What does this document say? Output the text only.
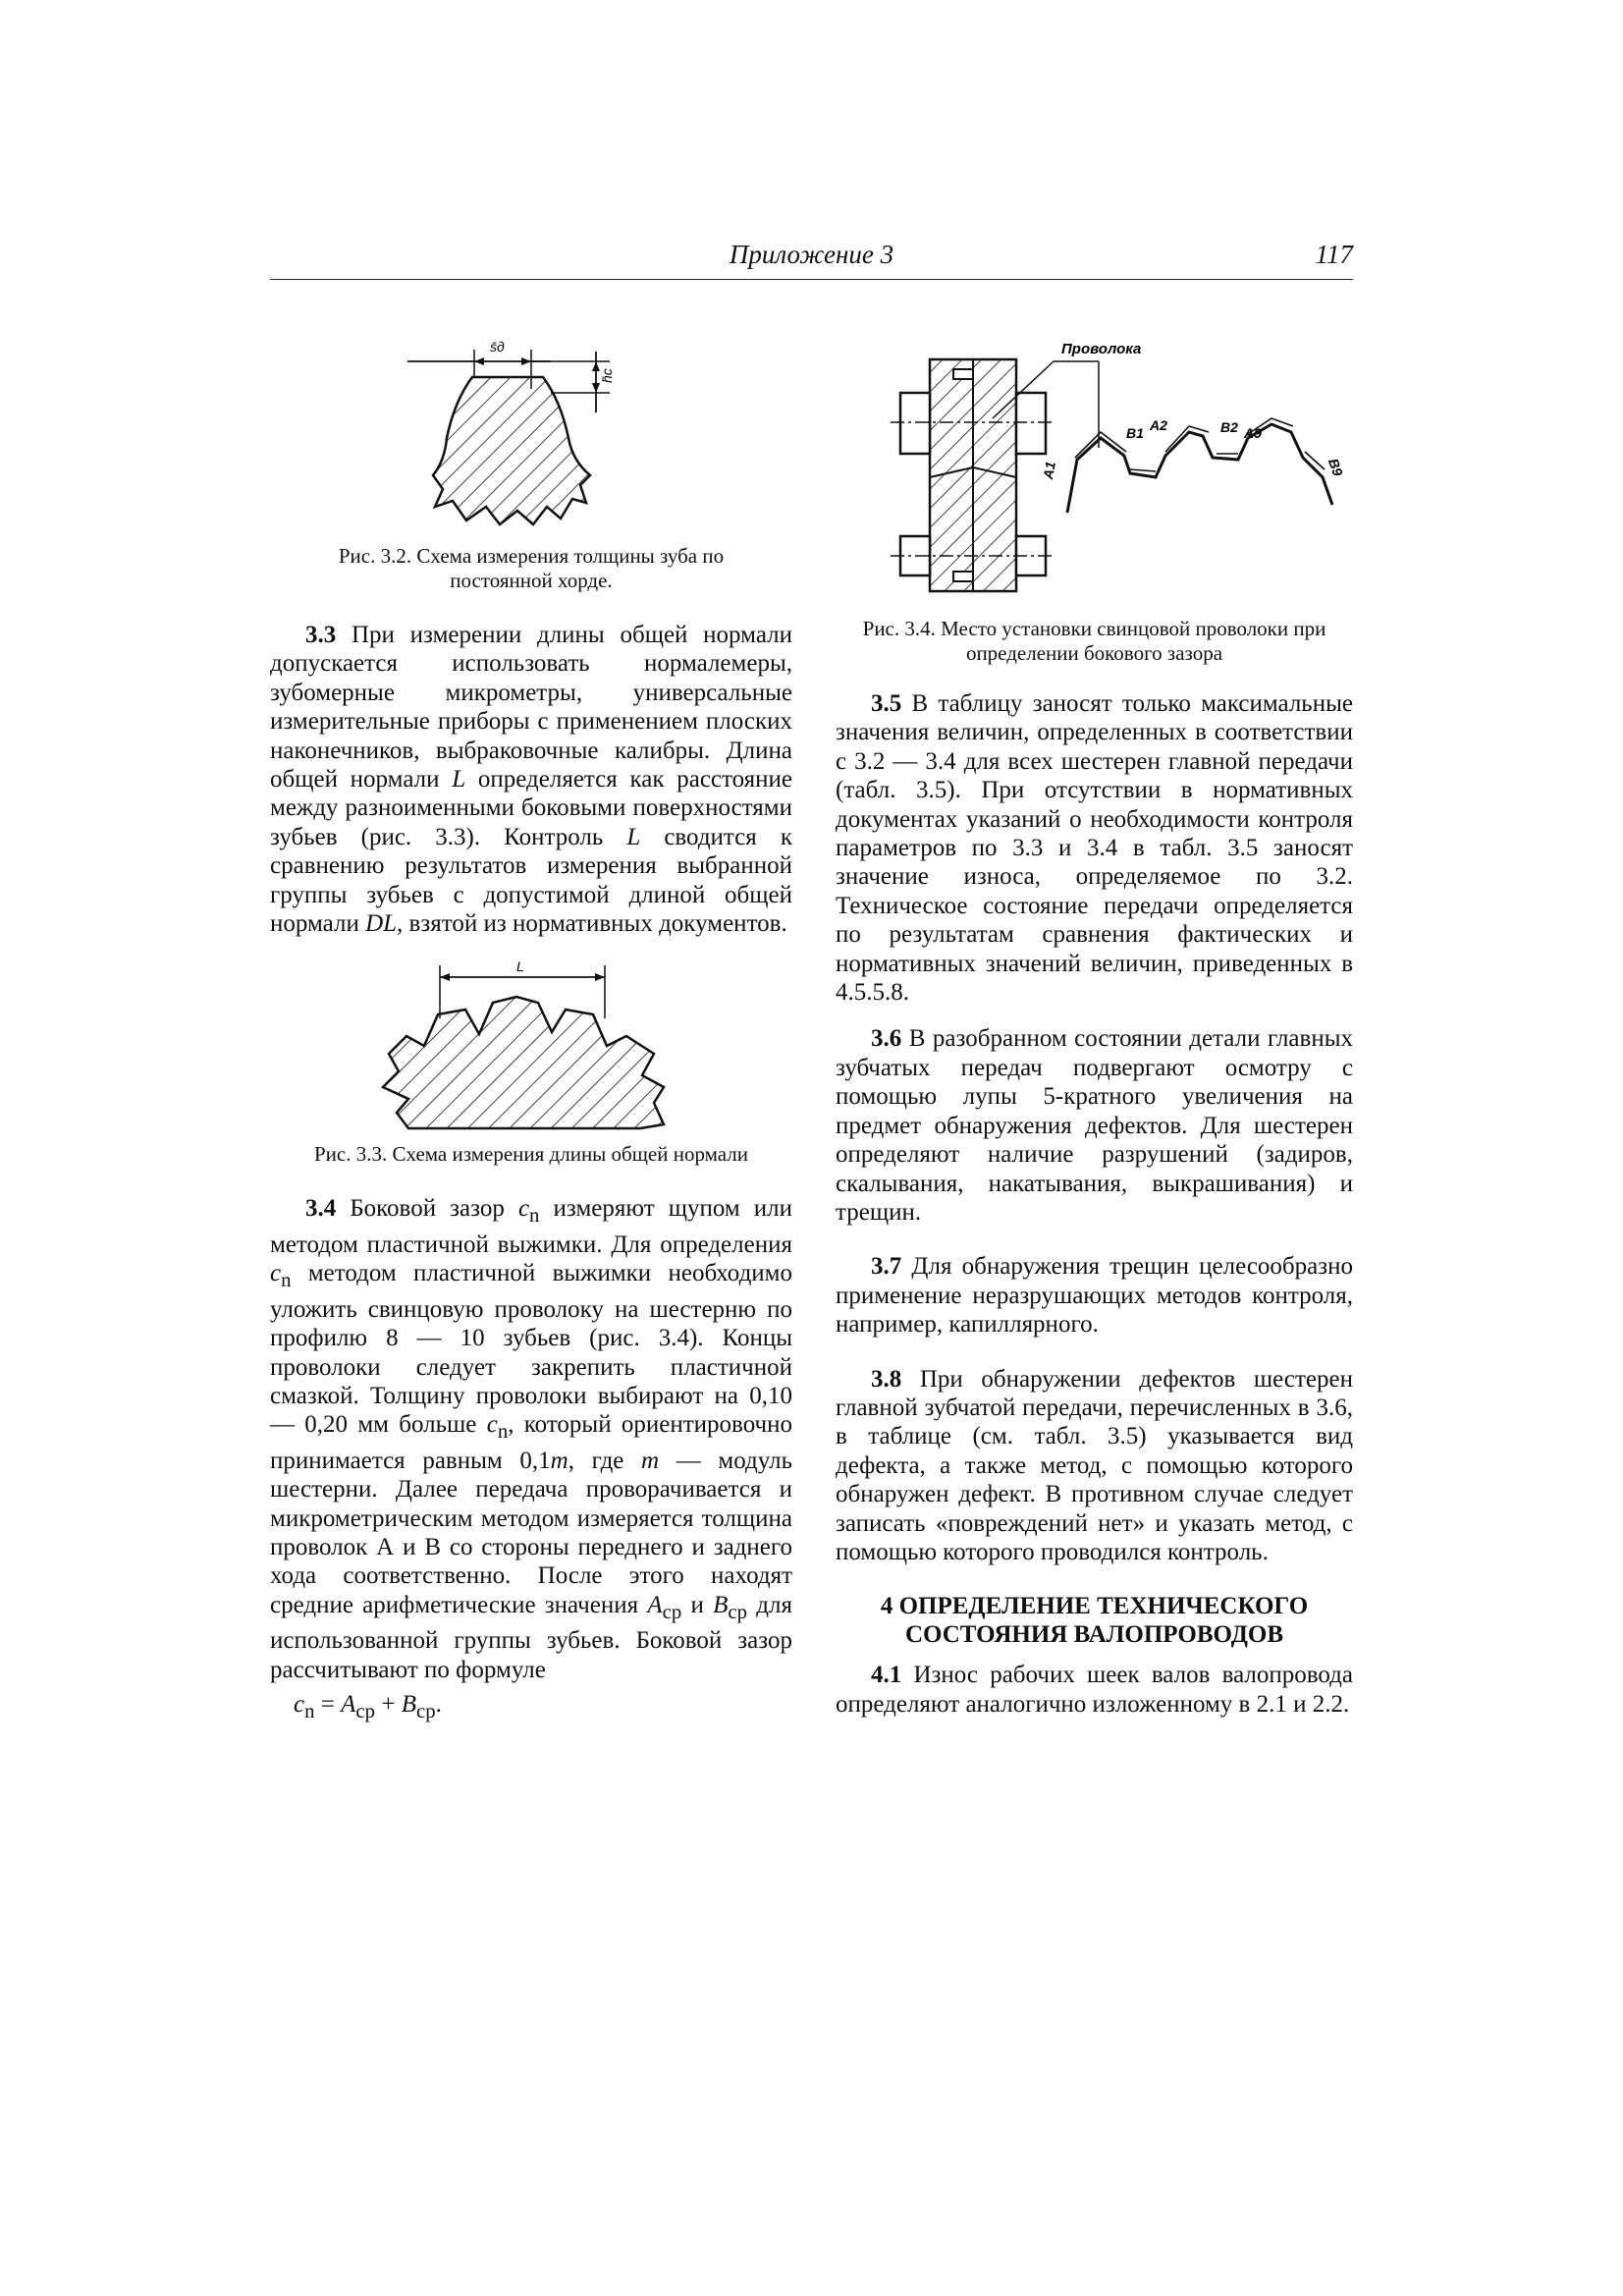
Приложение 3	117
s̄д
h̄с
Рис. 3.2. Схема измерения толщины зуба по постоянной хорде.
3.3 При измерении длины общей нормали допускается использовать нормалемеры, зубомерные микрометры, универсальные измерительные приборы с применением плоских наконечников, выбраковочные калибры. Длина общей нормали L определяется как расстояние между разноименными боковыми поверхностями зубьев (рис. 3.3). Контроль L сводится к сравнению результатов измерения выбранной группы зубьев с допустимой длиной общей нормали DL, взятой из нормативных документов.
L
Рис. 3.3. Схема измерения длины общей нормали
3.4 Боковой зазор $c_n$ измеряют щупом или методом пластичной выжимки. Для определения $c_n$ методом пластичной выжимки необходимо уложить свинцовую проволоку на шестерню по профилю 8 — 10 зубьев (рис. 3.4). Концы проволоки следует закрепить пластичной смазкой. Толщину проволоки выбирают на 0,10 — 0,20 мм больше $c_n$, который ориентировочно принимается равным 0,1m, где m — модуль шестерни. Далее передача проворачивается и микрометрическим методом измеряется толщина проволок А и В со стороны переднего и заднего хода соответственно. После этого находят средние арифметические значения $A_{ср}$ и $B_{ср}$ для использованной группы зубьев. Боковой зазор рассчитывают по формуле
$c_n = A_{ср} + B_{ср}$.
Проволока
A1
B1 A2	B2 A9
B9
Рис. 3.4. Место установки свинцовой проволоки при определении бокового зазора
3.5 В таблицу заносят только максимальные значения величин, определенных в соответствии с 3.2 — 3.4 для всех шестерен главной передачи (табл. 3.5). При отсутствии в нормативных документах указаний о необходимости контроля параметров по 3.3 и 3.4 в табл. 3.5 заносят значение износа, определяемое по 3.2. Техническое состояние передачи определяется по результатам сравнения фактических и нормативных значений величин, приведенных в 4.5.5.8.
3.6 В разобранном состоянии детали главных зубчатых передач подвергают осмотру с помощью лупы 5-кратного увеличения на предмет обнаружения дефектов. Для шестерен определяют наличие разрушений (задиров, скалывания, накатывания, выкрашивания) и трещин.
3.7 Для обнаружения трещин целесообразно применение неразрушающих методов контроля, например, капиллярного.
3.8 При обнаружении дефектов шестерен главной зубчатой передачи, перечисленных в 3.6, в таблице (см. табл. 3.5) указывается вид дефекта, а также метод, с помощью которого обнаружен дефект. В противном случае следует записать «повреждений нет» и указать метод, с помощью которого проводился контроль.
4 ОПРЕДЕЛЕНИЕ ТЕХНИЧЕСКОГО
СОСТОЯНИЯ ВАЛОПРОВОДОВ
4.1 Износ рабочих шеек валов валопровода определяют аналогично изложенному в 2.1 и 2.2.
